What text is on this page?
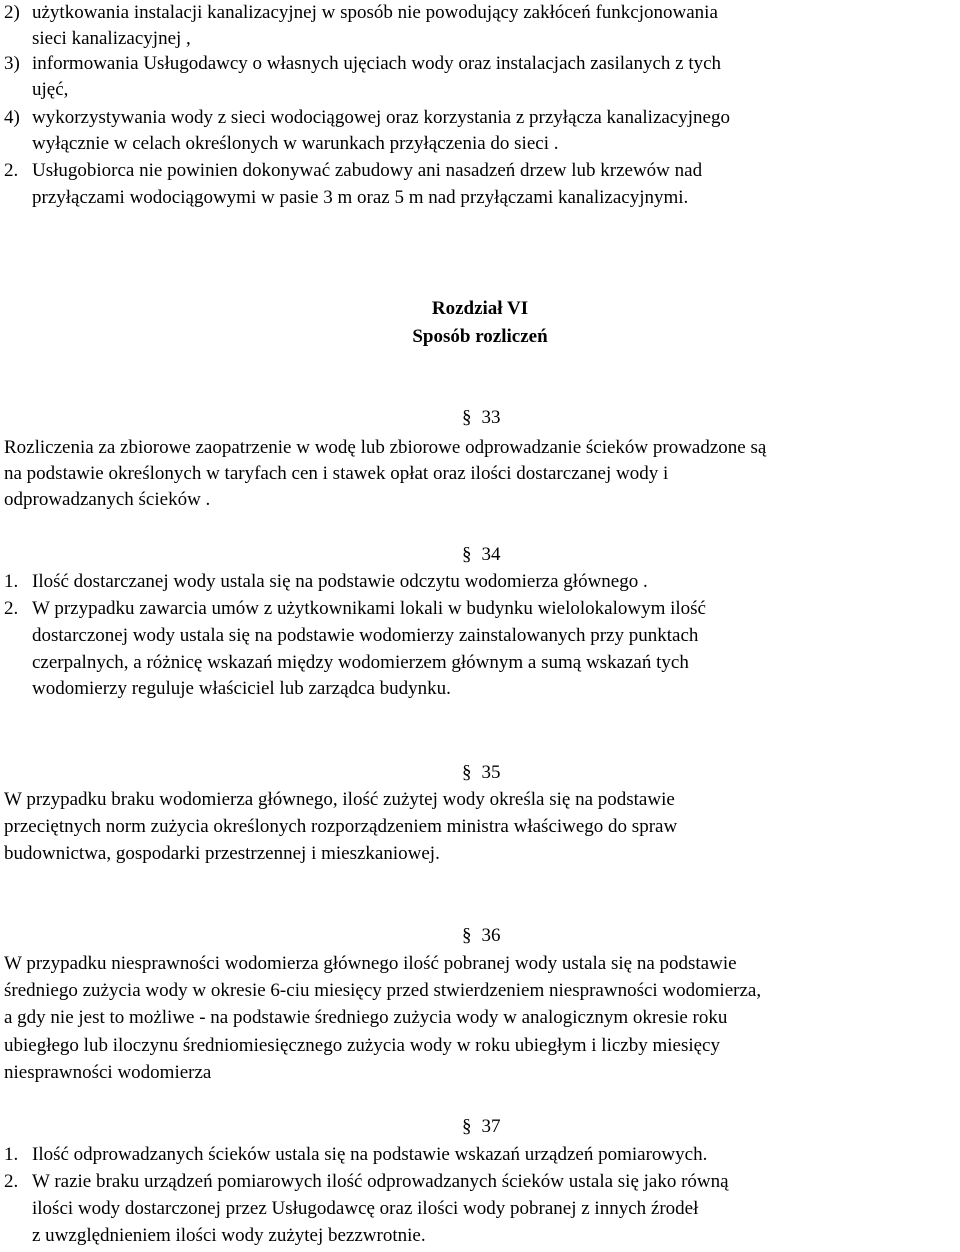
2) użytkowania instalacji kanalizacyjnej w sposób nie powodujący zakłóceń funkcjonowania
sieci kanalizacyjnej ,
3) informowania Usługodawcy o własnych ujęciach wody oraz instalacjach zasilanych z tych
ujęć,
4) wykorzystywania wody z sieci wodociągowej oraz korzystania z przyłącza kanalizacyjnego
wyłącznie w celach określonych w warunkach przyłączenia do sieci .
2. Usługobiorca nie powinien dokonywać zabudowy ani nasadzeń drzew lub krzewów nad
przyłączami wodociągowymi w pasie 3 m oraz 5 m nad przyłączami kanalizacyjnymi.
Rozdział VI
Sposób rozliczeń
§ 33
Rozliczenia za zbiorowe zaopatrzenie w wodę lub zbiorowe odprowadzanie ścieków prowadzone są
na podstawie określonych w taryfach cen i stawek opłat oraz ilości dostarczanej wody i
odprowadzanych ścieków .
§ 34
1. Ilość dostarczanej wody ustala się na podstawie odczytu wodomierza głównego .
2. W przypadku zawarcia umów z użytkownikami lokali w budynku wielolokalowym ilość
dostarczonej wody ustala się na podstawie wodomierzy zainstalowanych przy punktach
czerpalnych, a różnicę wskazań między wodomierzem głównym a sumą wskazań tych
wodomierzy reguluje właściciel lub zarządca budynku.
§ 35
W przypadku braku wodomierza głównego, ilość zużytej wody określa się na podstawie
przeciętnych norm zużycia określonych rozporządzeniem ministra właściwego do spraw
budownictwa, gospodarki przestrzennej i mieszkaniowej.
§ 36
W przypadku niesprawności wodomierza głównego ilość pobranej wody ustala się na podstawie
średniego zużycia wody w okresie 6-ciu miesięcy przed stwierdzeniem niesprawności wodomierza,
a gdy nie jest to możliwe - na podstawie średniego zużycia wody w analogicznym okresie roku
ubiegłego lub iloczynu średniomiesięcznego zużycia wody w roku ubiegłym i liczby miesięcy
niesprawności wodomierza
§ 37
1. Ilość odprowadzanych ścieków ustala się na podstawie wskazań urządzeń pomiarowych.
2. W razie braku urządzeń pomiarowych ilość odprowadzanych ścieków ustala się jako równą
ilości wody dostarczonej przez Usługodawcę oraz ilości wody pobranej z innych źrodeł
z uwzględnieniem ilości wody zużytej bezzwrotnie.
